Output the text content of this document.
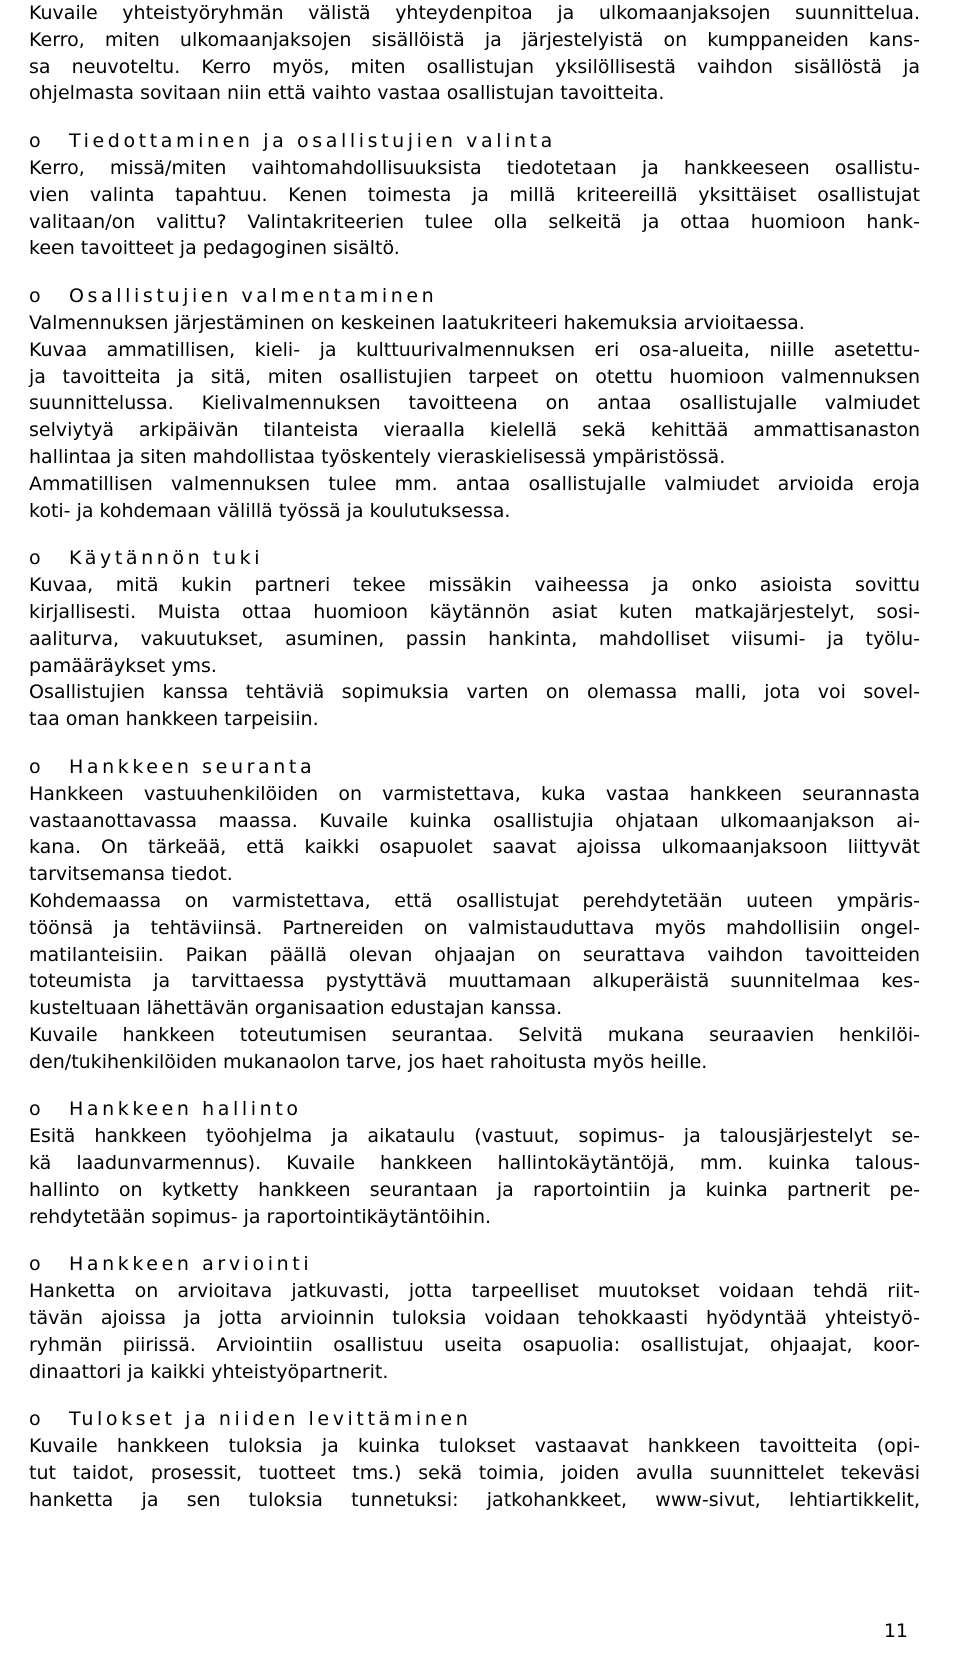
Kuvaile yhteistyöryhmän välistä yhteydenpitoa ja ulkomaanjaksojen suunnittelua.
Kerro, miten ulkomaanjaksojen sisällöistä ja järjestelyistä on kumppaneiden kans-
sa neuvoteltu. Kerro myös, miten osallistujan yksilöllisestä vaihdon sisällöstä ja
ohjelmasta sovitaan niin että vaihto vastaa osallistujan tavoitteita.
o Tiedottaminen ja osallistujien valinta
Kerro, missä/miten vaihtomahdollisuuksista tiedotetaan ja hankkeeseen osallistu-
vien valinta tapahtuu. Kenen toimesta ja millä kriteereillä yksittäiset osallistujat
valitaan/on valittu? Valintakriteerien tulee olla selkeitä ja ottaa huomioon hank-
keen tavoitteet ja pedagoginen sisältö.
o Osallistujien valmentaminen
Valmennuksen järjestäminen on keskeinen laatukriteeri hakemuksia arvioitaessa.
Kuvaa ammatillisen, kieli- ja kulttuurivalmennuksen eri osa-alueita, niille asetettu-
ja tavoitteita ja sitä, miten osallistujien tarpeet on otettu huomioon valmennuksen
suunnittelussa. Kielivalmennuksen tavoitteena on antaa osallistujalle valmiudet
selviytyä arkipäivän tilanteista vieraalla kielellä sekä kehittää ammattisanaston
hallintaa ja siten mahdollistaa työskentely vieraskielisessä ympäristössä.
Ammatillisen valmennuksen tulee mm. antaa osallistujalle valmiudet arvioida eroja
koti- ja kohdemaan välillä työssä ja koulutuksessa.
o Käytännön tuki
Kuvaa, mitä kukin partneri tekee missäkin vaiheessa ja onko asioista sovittu
kirjallisesti. Muista ottaa huomioon käytännön asiat kuten matkajärjestelyt, sosi-
aaliturva, vakuutukset, asuminen, passin hankinta, mahdolliset viisumi- ja työlu-
pamääräykset yms.
Osallistujien kanssa tehtäviä sopimuksia varten on olemassa malli, jota voi sovel-
taa oman hankkeen tarpeisiin.
o Hankkeen seuranta
Hankkeen vastuuhenkilöiden on varmistettava, kuka vastaa hankkeen seurannasta
vastaanottavassa maassa. Kuvaile kuinka osallistujia ohjataan ulkomaanjakson ai-
kana. On tärkeää, että kaikki osapuolet saavat ajoissa ulkomaanjaksoon liittyvät
tarvitsemansa tiedot.
Kohdemaassa on varmistettava, että osallistujat perehdytetään uuteen ympäris-
töönsä ja tehtäviinsä. Partnereiden on valmistauduttava myös mahdollisiin ongel-
matilanteisiin. Paikan päällä olevan ohjaajan on seurattava vaihdon tavoitteiden
toteumista ja tarvittaessa pystyttävä muuttamaan alkuperäistä suunnitelmaa kes-
kusteltuaan lähettävän organisaation edustajan kanssa.
Kuvaile hankkeen toteutumisen seurantaa. Selvitä mukana seuraavien henkilöi-
den/tukihenkilöiden mukanaolon tarve, jos haet rahoitusta myös heille.
o Hankkeen hallinto
Esitä hankkeen työohjelma ja aikataulu (vastuut, sopimus- ja talousjärjestelyt se-
kä laadunvarmennus). Kuvaile hankkeen hallintokäytäntöjä, mm. kuinka talous-
hallinto on kytketty hankkeen seurantaan ja raportointiin ja kuinka partnerit pe-
rehdytetään sopimus- ja raportointikäytäntöihin.
o Hankkeen arviointi
Hanketta on arvioitava jatkuvasti, jotta tarpeelliset muutokset voidaan tehdä riit-
tävän ajoissa ja jotta arvioinnin tuloksia voidaan tehokkaasti hyödyntää yhteistyö-
ryhmän piirissä. Arviointiin osallistuu useita osapuolia: osallistujat, ohjaajat, koor-
dinaattori ja kaikki yhteistyöpartnerit.
o Tulokset ja niiden levittäminen
Kuvaile hankkeen tuloksia ja kuinka tulokset vastaavat hankkeen tavoitteita (opi-
tut taidot, prosessit, tuotteet tms.) sekä toimia, joiden avulla suunnittelet tekeväsi
hanketta ja sen tuloksia tunnetuksi: jatkohankkeet, www-sivut, lehtiartikkelit,
11
